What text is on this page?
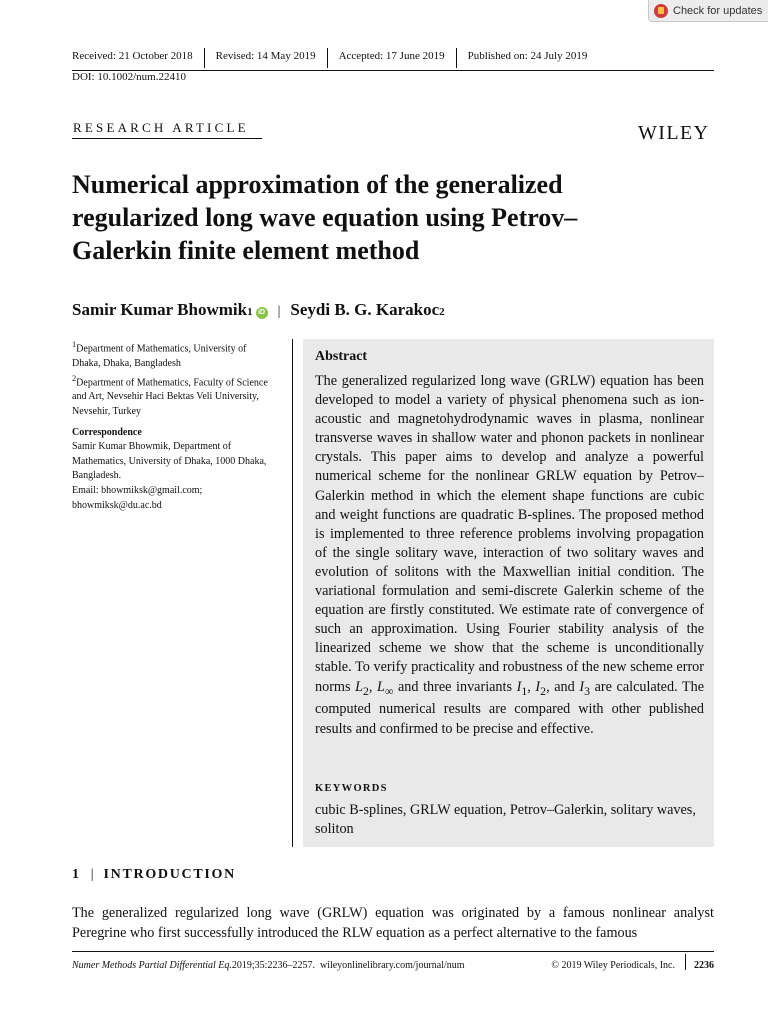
Check for updates
Received: 21 October 2018	Revised: 14 May 2019	Accepted: 17 June 2019	Published on: 24 July 2019
DOI: 10.1002/num.22410
RESEARCH ARTICLE	WILEY
Numerical approximation of the generalized regularized long wave equation using Petrov–Galerkin finite element method
Samir Kumar Bhowmik 1 iD | Seydi B. G. Karakoc 2

$^1$Department of Mathematics, University of Dhaka, Dhaka, Bangladesh

$^2$Department of Mathematics, Faculty of Science and Art, Nevsehir Haci Bektas Veli University, Nevsehir, Turkey

Correspondence

Samir Kumar Bhowmik, Department of Mathematics, University of Dhaka, 1000 Dhaka, Bangladesh.

Email: bhowmiksk@gmail.com; bhowmiksk@du.ac.bd

Abstract
The generalized regularized long wave (GRLW) equation has been developed to model a variety of physical phenomena such as ion-acoustic and magnetohydrodynamic waves in plasma, nonlinear transverse waves in shallow water and phonon packets in nonlinear crystals. This paper aims to develop and analyze a powerful numerical scheme for the nonlinear GRLW equation by Petrov–Galerkin method in which the element shape functions are cubic and weight functions are quadratic B-splines. The proposed method is implemented to three reference problems involving propagation of the single solitary wave, interaction of two solitary waves and evolution of solitons with the Maxwellian initial condition. The variational formulation and semi-discrete Galerkin scheme of the equation are firstly constituted. We estimate rate of convergence of such an approximation. Using Fourier stability analysis of the linearized scheme we show that the scheme is unconditionally stable. To verify practicality and robustness of the new scheme error norms $L_2$, $L_\infty$ and three invariants $I_1$, $I_2$, and $I_3$ are calculated. The computed numerical results are compared with other published results and confirmed to be precise and effective.
KEYWORDS
cubic B-splines, GRLW equation, Petrov–Galerkin, solitary waves, soliton
1 | INTRODUCTION
The generalized regularized long wave (GRLW) equation was originated by a famous nonlinear analyst Peregrine who first successfully introduced the RLW equation as a perfect alternative to the famous
Numer Methods Partial Differential Eq. 2019;35:2236–2257. wileyonlinelibrary.com/journal/num	© 2019 Wiley Periodicals, Inc. 2236
